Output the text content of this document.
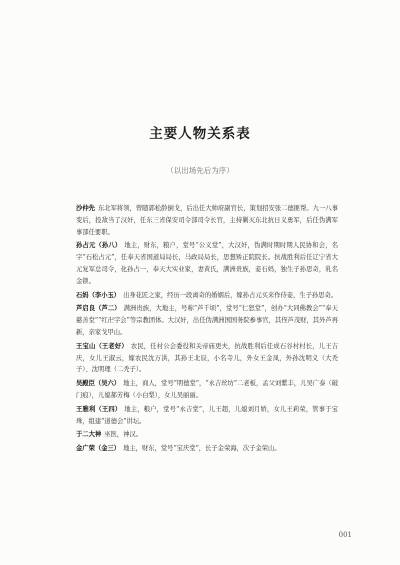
主要人物关系表
（以出场先后为序）

沙仲先 东北军将领，曾随郭松龄倒戈，后出任大帅府副官长，策划招安张二德匪帮。九一八事变后，投敌当了汉奸，任东三省保安司令部司令长官，主持剿灭东北抗日义勇军，后任伪满军事部任要职。

孙占元（孙八） 地主，财东，粮户，堂号“公义堂”，大汉奸，伪满时期时期人民协和会，名字“石松占元”，任奉天省国道局局长，马政局局长，思想矫正院院长。抗战胜利后任辽宁省大元复军总司令，化孙占一，奉天大实业家，妻黄氏，满洲贵族，妾石妈，独生子孙思奇，乳名金锁。

石妈（李小玉） 出身花匠之家，经历一段离奇的婚姻后，嫁孙占元买来作侍妾，生子孙思奇。

芦启良（芦二） 满洲贵族，大地主，号称“芦千顷”，堂号“仁恕堂”，创办“大同佛教会”“奉天慈善堂”“红卍字会”等宗教团体。大汉奸，出任伪满洲国国务院参事官，其侄芦茂财，其外芦再新，亲家戈甲山。

王宝山（王老好） 农民，任村公会委役和关帝庙更夫，抗战胜利后任成石谷村村长，儿王吉庆，女儿王淑云，嫁农民沈万洪，其孙王北辰，小名寺儿，外女王金凤，外孙沈明义（大秃子）、沈明理（二秃子）。

吴殿臣（吴六） 地主，商人，堂号“明德堂”，“永吉丝坊”二老板，孟父刘紫丰，儿吴广泰（破门痕），儿媳郝芳梅（小白梨），女儿吴丽丽。

王雅利（王四） 地主，粮户，堂号“永吉堂”，儿王超，儿媳刘月娇，女儿王莉荣，管事于宝珠，组建“道德会”讲坛。

于二大神 巫医，神汉。

金广荣（金三） 地主，财东，堂号“宝庆堂”，长子金荣海，次子金荣山。

001
